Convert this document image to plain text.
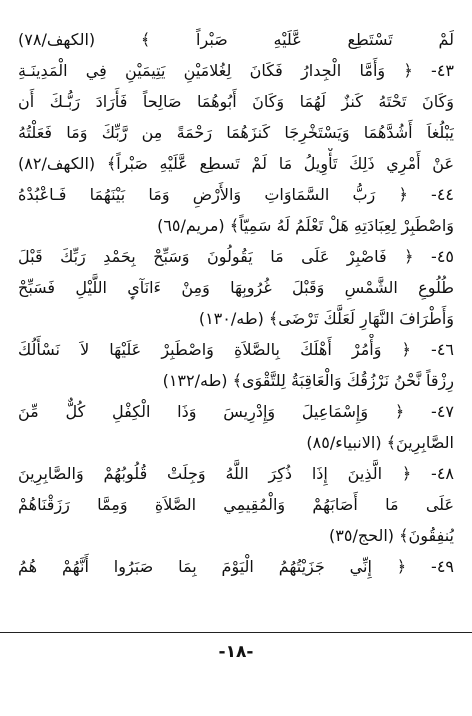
لَمْ تَسْتَطِع عَّلَيْهِ صَبْراً ﴾ (الكهف/٧٨)
٤٣- ﴿ وَأَمَّا الْجِدارُ فَكَانَ لِغُلامَيْنِ يَتِيمَيْنِ فِي الْمَدِينَـةِ
وَكَانَ تَحْتَهُ كَنزٌ لَهُمَا وَكَانَ أَبُوهُمَا صَالِحاً فَأَرَادَ رَبُّـكَ أَن
يَبْلُغاَ أَشُدَّهُمَا وَيَسْتَخْرِجَا كَنزَهُمَا رَحْمَةً مِن رَّبِّكَ وَمَا فَعَلْتُهُ
عَنْ أَمْرِي ذَلِكَ تَأْوِيلُ مَا لَمْ تَسطِع عَّلَيْهِ صَبْراً﴾ (الكهف/٨٢)
٤٤- ﴿ رَبُّ السَّمَاوَاتِ وَالأَرْضِ وَمَا بَيْنَهُمَا فَـاعْبُدْهُ
وَاصْطَبِرْ لِعِبَادَتِهِ هَلْ تَعْلَمُ لَهُ سَمِيّاً﴾ (مريم/٦٥)
٤٥- ﴿ فَاصْبِرْ عَلَى مَا يَقُولُونَ وَسَبِّحْ بِحَمْدِ رَبِّكَ قَبْلَ
طُلُوعِ الشَّمْسِ وَقَبْلَ غُرُوبِهَا وَمِنْ ءَانَآىِٕ اللَّيْلِ فَسَبِّحْ
وَأَطْرَافَ النَّهَارِ لَعَلَّكَ تَرْضَى﴾ (طه/١٣٠)
٤٦- ﴿ وَأْمُرْ أَهْلَكَ بِالصَّلاَةِ وَاصْطَبِرْ عَلَيْهَا لاَ نَسْأَلُكَ
رِزْقاً نَّحْنُ نَرْزُقُكَ وَالْعَاقِبَةُ لِلتَّقْوَى﴾ (طه/١٣٢)
٤٧- ﴿ وَإِسْمَاعِيلَ وَإِدْرِيسَ وَذَا الْكِفْلِ كُلٌّ مِّنَ
الصَّابِرِينَ﴾ (الانبياء/٨٥)
٤٨- ﴿ الَّذِينَ إِذَا ذُكِرَ اللَّهُ وَجِلَتْ قُلُوبُهُمْ وَالصَّابِرِينَ
عَلَى مَا أَصَابَهُمْ وَالْمُقِيمِي الصَّلاَةِ وَمِمَّا رَزَقْنَاهُمْ
يُنفِقُونَ﴾ (الحج/٣٥)
٤٩- ﴿ إِنِّي جَزَيْتُهُمُ الْيَوْمَ بِمَا صَبَرُوا أَنَّهُمْ هُمُ
-١٨-
